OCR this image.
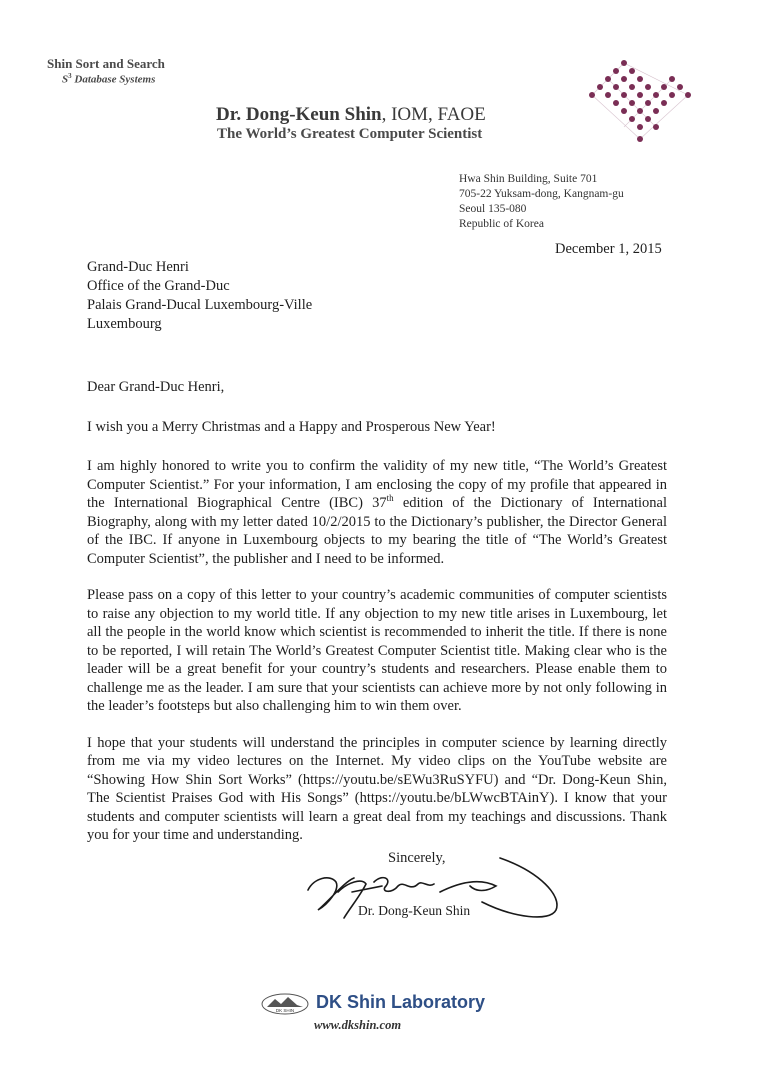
Shin Sort and Search
$S^3$ Database Systems
Dr. Dong-Keun Shin, IOM, FAOE
The World’s Greatest Computer Scientist
Hwa Shin Building, Suite 701
705-22 Yuksam-dong, Kangnam-gu
Seoul 135-080
Republic of Korea
December 1, 2015
Grand-Duc Henri
Office of the Grand-Duc
Palais Grand-Ducal Luxembourg-Ville
Luxembourg

Dear Grand-Duc Henri,

I wish you a Merry Christmas and a Happy and Prosperous New Year!

I am highly honored to write you to confirm the validity of my new title, “The World’s Greatest Computer Scientist.” For your information, I am enclosing the copy of my profile that appeared in the International Biographical Centre (IBC) 37th edition of the Dictionary of International Biography, along with my letter dated 10/2/2015 to the Dictionary’s publisher, the Director General of the IBC. If anyone in Luxembourg objects to my bearing the title of “The World’s Greatest Computer Scientist”, the publisher and I need to be informed.

Please pass on a copy of this letter to your country’s academic communities of computer scientists to raise any objection to my world title. If any objection to my new title arises in Luxembourg, let all the people in the world know which scientist is recommended to inherit the title. If there is none to be reported, I will retain The World’s Greatest Computer Scientist title. Making clear who is the leader will be a great benefit for your country’s students and researchers. Please enable them to challenge me as the leader. I am sure that your scientists can achieve more by not only following in the leader’s footsteps but also challenging him to win them over.

I hope that your students will understand the principles in computer science by learning directly from me via my video lectures on the Internet. My video clips on the YouTube website are “Showing How Shin Sort Works” (https://youtu.be/sEWu3RuSYFU) and “Dr. Dong-Keun Shin, The Scientist Praises God with His Songs” (https://youtu.be/bLWwcBTAinY). I know that your students and computer scientists will learn a great deal from my teachings and discussions. Thank you for your time and understanding.

Sincerely,
Dr. Dong-Keun Shin
DK SHIN DK Shin Laboratory
www.dkshin.com
